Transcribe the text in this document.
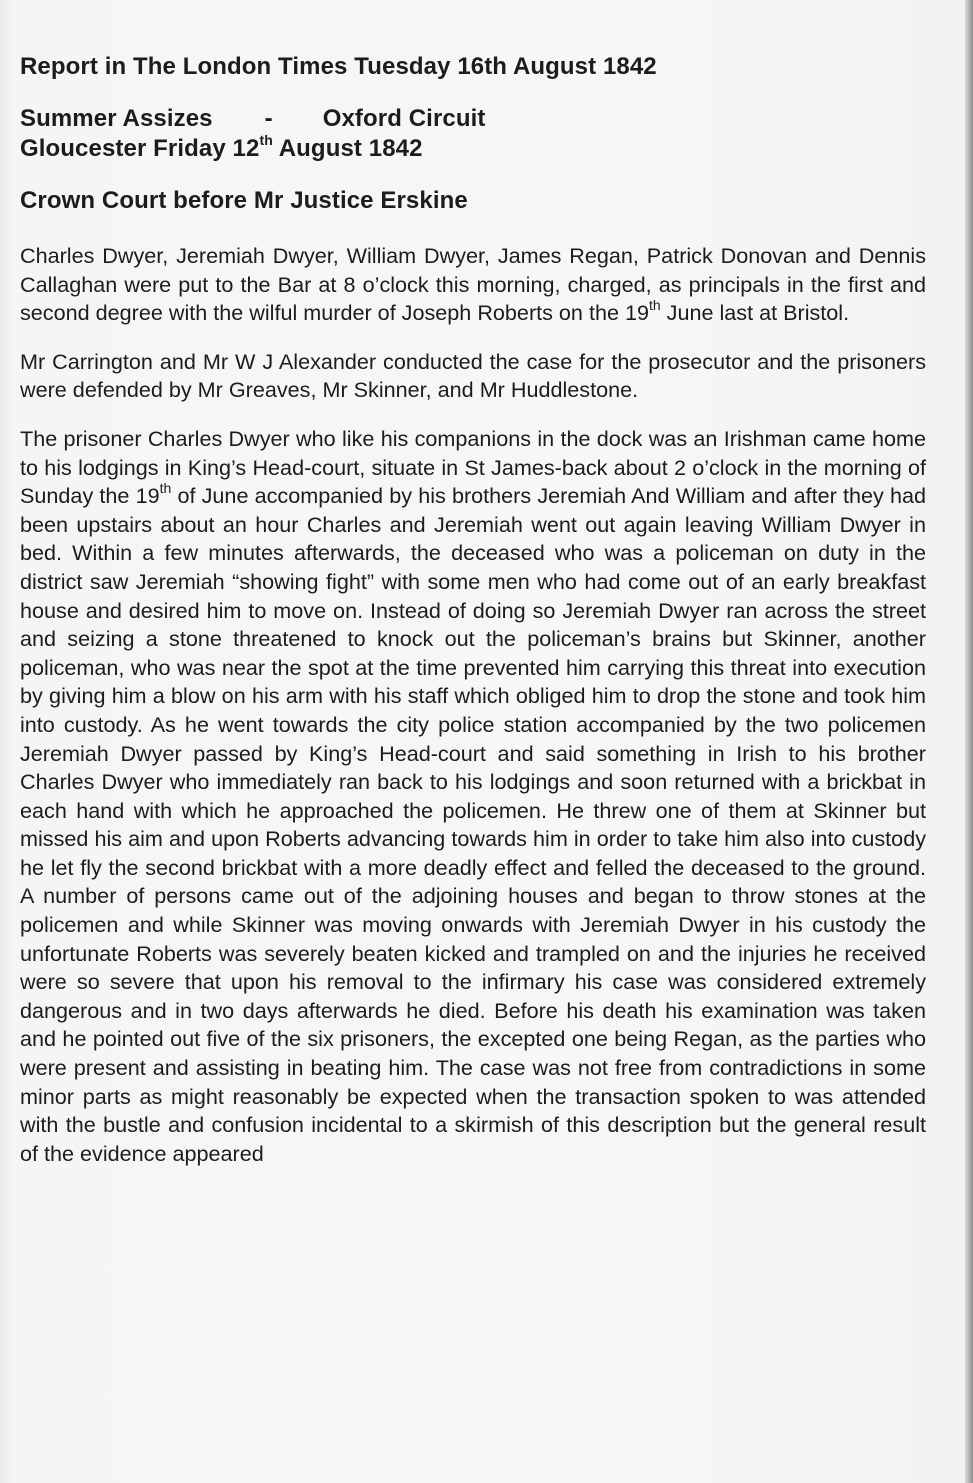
Report in The London Times Tuesday 16th August 1842

Summer Assizes - Oxford Circuit

Gloucester Friday 12th August 1842

Crown Court before Mr Justice Erskine

Charles Dwyer, Jeremiah Dwyer, William Dwyer, James Regan, Patrick Donovan and Dennis Callaghan were put to the Bar at 8 o’clock this morning, charged, as principals in the first and second degree with the wilful murder of Joseph Roberts on the 19th June last at Bristol.

Mr Carrington and Mr W J Alexander conducted the case for the prosecutor and the prisoners were defended by Mr Greaves, Mr Skinner, and Mr Huddlestone.

The prisoner Charles Dwyer who like his companions in the dock was an Irishman came home to his lodgings in King’s Head-court, situate in St James-back about 2 o’clock in the morning of Sunday the 19th of June accompanied by his brothers Jeremiah And William and after they had been upstairs about an hour Charles and Jeremiah went out again leaving William Dwyer in bed. Within a few minutes afterwards, the deceased who was a policeman on duty in the district saw Jeremiah “showing fight” with some men who had come out of an early breakfast house and desired him to move on. Instead of doing so Jeremiah Dwyer ran across the street and seizing a stone threatened to knock out the policeman’s brains but Skinner, another policeman, who was near the spot at the time prevented him carrying this threat into execution by giving him a blow on his arm with his staff which obliged him to drop the stone and took him into custody. As he went towards the city police station accompanied by the two policemen Jeremiah Dwyer passed by King’s Head-court and said something in Irish to his brother Charles Dwyer who immediately ran back to his lodgings and soon returned with a brickbat in each hand with which he approached the policemen. He threw one of them at Skinner but missed his aim and upon Roberts advancing towards him in order to take him also into custody he let fly the second brickbat with a more deadly effect and felled the deceased to the ground. A number of persons came out of the adjoining houses and began to throw stones at the policemen and while Skinner was moving onwards with Jeremiah Dwyer in his custody the unfortunate Roberts was severely beaten kicked and trampled on and the injuries he received were so severe that upon his removal to the infirmary his case was considered extremely dangerous and in two days afterwards he died. Before his death his examination was taken and he pointed out five of the six prisoners, the excepted one being Regan, as the parties who were present and assisting in beating him. The case was not free from contradictions in some minor parts as might reasonably be expected when the transaction spoken to was attended with the bustle and confusion incidental to a skirmish of this description but the general result of the evidence appeared
